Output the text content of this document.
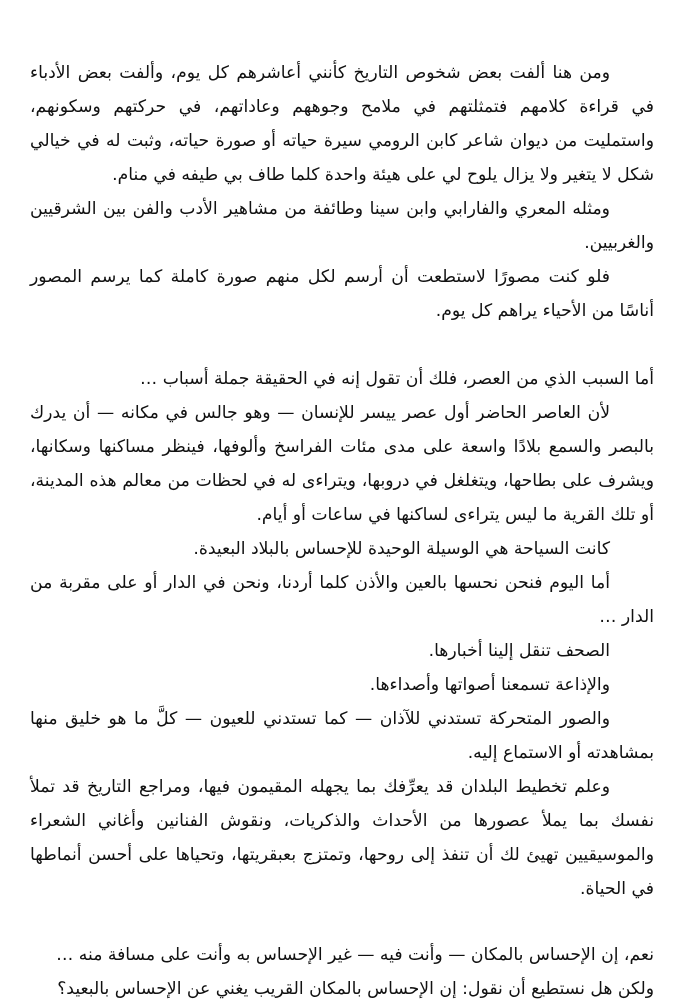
ومن هنا ألفت بعض شخوص التاريخ كأنني أعاشرهم كل يوم، وألفت بعض الأدباء في قراءة كلامهم فتمثلتهم في ملامح وجوههم وعاداتهم، في حركتهم وسكونهم، واستمليت من ديوان شاعر كابن الرومي سيرة حياته أو صورة حياته، وثبت له في خيالي شكل لا يتغير ولا يزال يلوح لي على هيئة واحدة كلما طاف بي طيفه في منام.

ومثله المعري والفارابي وابن سينا وطائفة من مشاهير الأدب والفن بين الشرقيين والغربيين.

فلو كنت مصورًا لاستطعت أن أرسم لكل منهم صورة كاملة كما يرسم المصور أناسًا من الأحياء يراهم كل يوم.

أما السبب الذي من العصر، فلك أن تقول إنه في الحقيقة جملة أسباب …

لأن العاصر الحاضر أول عصر ييسر للإنسان — وهو جالس في مكانه — أن يدرك بالبصر والسمع بلادًا واسعة على مدى مئات الفراسخ وألوفها، فينظر مساكنها وسكانها، ويشرف على بطاحها، ويتغلغل في دروبها، ويتراءى له في لحظات من معالم هذه المدينة، أو تلك القرية ما ليس يتراءى لساكنها في ساعات أو أيام.

كانت السياحة هي الوسيلة الوحيدة للإحساس بالبلاد البعيدة.

أما اليوم فنحن نحسها بالعين والأذن كلما أردنا، ونحن في الدار أو على مقربة من الدار …

الصحف تنقل إلينا أخبارها.

والإذاعة تسمعنا أصواتها وأصداءها.

والصور المتحركة تستدني للآذان — كما تستدني للعيون — كلَّ ما هو خليق منها بمشاهدته أو الاستماع إليه.

وعلم تخطيط البلدان قد يعرِّفك بما يجهله المقيمون فيها، ومراجع التاريخ قد تملأ نفسك بما يملأ عصورها من الأحداث والذكريات، ونقوش الفنانين وأغاني الشعراء والموسيقيين تهيئ لك أن تنفذ إلى روحها، وتمتزج بعبقريتها، وتحياها على أحسن أنماطها في الحياة.

نعم، إن الإحساس بالمكان — وأنت فيه — غير الإحساس به وأنت على مسافة منه …

ولكن هل نستطيع أن نقول: إن الإحساس بالمكان القريب يغني عن الإحساس بالبعيد؟
